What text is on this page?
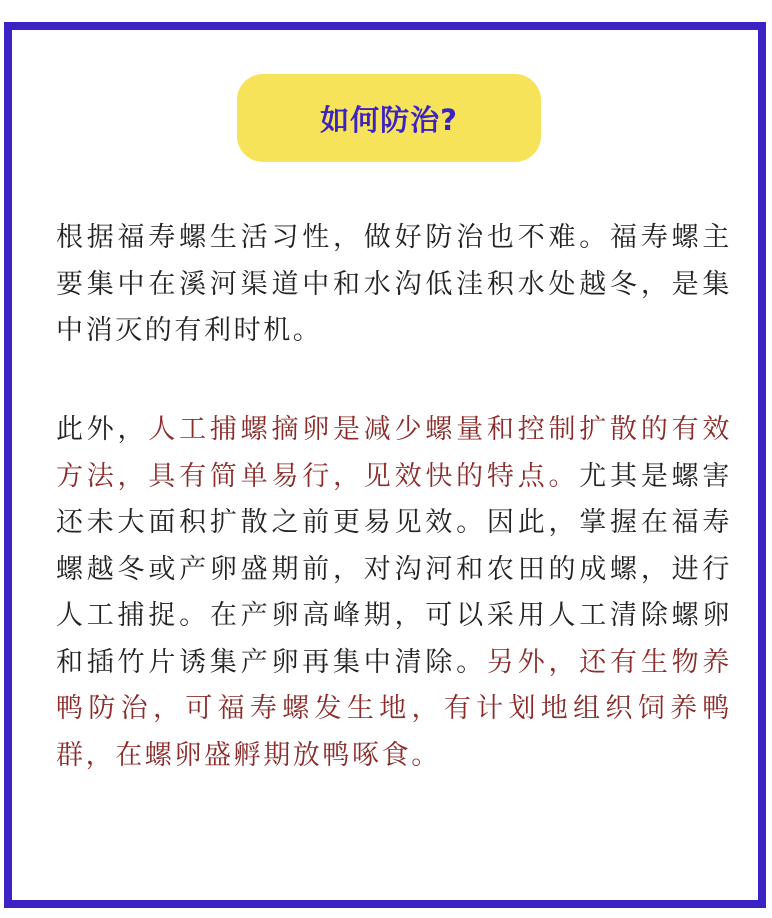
如何防治?

根据福寿螺生活习性，做好防治也不难。福寿螺主要集中在溪河渠道中和水沟低洼积水处越冬，是集中消灭的有利时机。

此外，人工捕螺摘卵是减少螺量和控制扩散的有效方法，具有简单易行，见效快的特点。尤其是螺害还未大面积扩散之前更易见效。因此，掌握在福寿螺越冬或产卵盛期前，对沟河和农田的成螺，进行人工捕捉。在产卵高峰期，可以采用人工清除螺卵和插竹片诱集产卵再集中清除。另外，还有生物养鸭防治，可福寿螺发生地，有计划地组织饲养鸭群，在螺卵盛孵期放鸭啄食。
